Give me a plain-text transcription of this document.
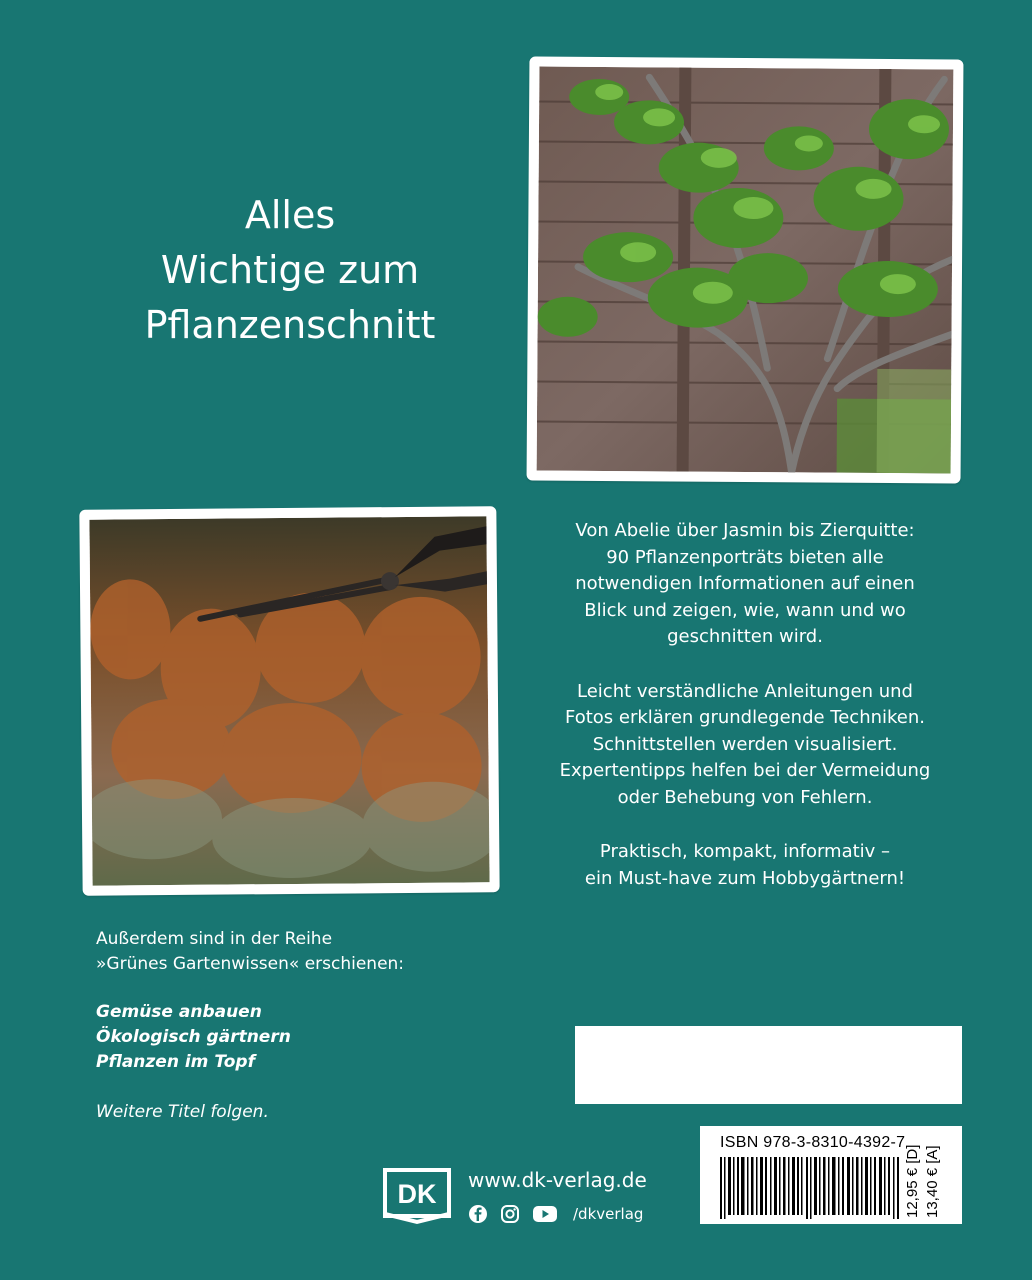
Alles
Wichtige zum
Pflanzenschnitt

Von Abelie über Jasmin bis Zierquitte:
90 Pflanzenporträts bieten alle
notwendigen Informationen auf einen
Blick und zeigen, wie, wann und wo
geschnitten wird.

Leicht verständliche Anleitungen und
Fotos erklären grundlegende Techniken.
Schnittstellen werden visualisiert.
Expertentipps helfen bei der Vermeidung
oder Behebung von Fehlern.

Praktisch, kompakt, informativ –
ein Must-have zum Hobbygärtnern!

Außerdem sind in der Reihe
»Grünes Gartenwissen« erschienen:

Gemüse anbauen
Ökologisch gärtnern
Pflanzen im Topf

Weitere Titel folgen.

DK www.dk-verlag.de
/dkverlag
ISBN 978-3-8310-4392-7
12,95 € [D] 13,40 € [A]
